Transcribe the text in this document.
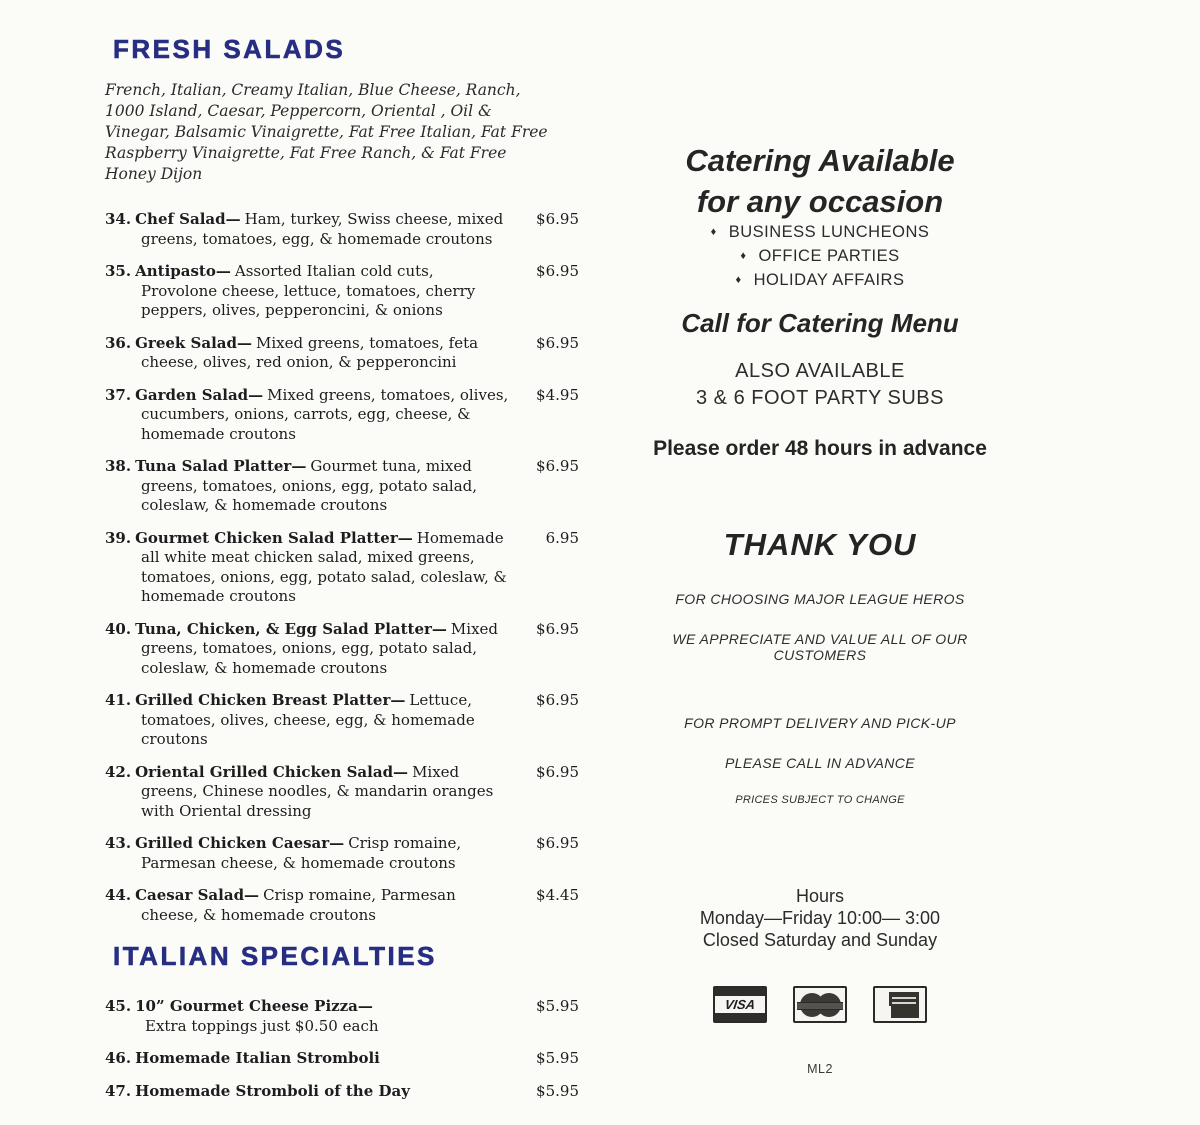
FRESH SALADS

French, Italian, Creamy Italian, Blue Cheese, Ranch, 1000 Island, Caesar, Peppercorn, Oriental , Oil & Vinegar, Balsamic Vinaigrette, Fat Free Italian, Fat Free Raspberry Vinaigrette, Fat Free Ranch, & Fat Free Honey Dijon

34. Chef Salad— Ham, turkey, Swiss cheese, mixed greens, tomatoes, egg, & homemade croutons

$6.95

35. Antipasto— Assorted Italian cold cuts, Provolone cheese, lettuce, tomatoes, cherry peppers, olives, pepperoncini, & onions

$6.95

36. Greek Salad— Mixed greens, tomatoes, feta cheese, olives, red onion, & pepperoncini

$6.95

37. Garden Salad— Mixed greens, tomatoes, olives, cucumbers, onions, carrots, egg, cheese, & homemade croutons

$4.95

38. Tuna Salad Platter— Gourmet tuna, mixed greens, tomatoes, onions, egg, potato salad, coleslaw, & homemade croutons

$6.95

39. Gourmet Chicken Salad Platter— Homemade all white meat chicken salad, mixed greens, tomatoes, onions, egg, potato salad, coleslaw, & homemade croutons

6.95

40. Tuna, Chicken, & Egg Salad Platter— Mixed greens, tomatoes, onions, egg, potato salad, coleslaw, & homemade croutons

$6.95

41. Grilled Chicken Breast Platter— Lettuce, tomatoes, olives, cheese, egg, & homemade croutons

$6.95

42. Oriental Grilled Chicken Salad— Mixed greens, Chinese noodles, & mandarin oranges with Oriental dressing

$6.95

43. Grilled Chicken Caesar— Crisp romaine, Parmesan cheese, & homemade croutons

$6.95

44. Caesar Salad— Crisp romaine, Parmesan cheese, & homemade croutons

$4.45
ITALIAN SPECIALTIES

45. 10” Gourmet Cheese Pizza—

Extra toppings just $0.50 each
$5.95

46. Homemade Italian Stromboli	$5.95

47. Homemade Stromboli of the Day	$5.95

Catering Available
for any occasion

♦ BUSINESS LUNCHEONS
♦ OFFICE PARTIES
♦ HOLIDAY AFFAIRS

Call for Catering Menu

ALSO AVAILABLE
3 & 6 FOOT PARTY SUBS

Please order 48 hours in advance

THANK YOU

FOR CHOOSING MAJOR LEAGUE HEROS

WE APPRECIATE AND VALUE ALL OF OUR CUSTOMERS

FOR PROMPT DELIVERY AND PICK-UP

PLEASE CALL IN ADVANCE

PRICES SUBJECT TO CHANGE

Hours
Monday—Friday 10:00— 3:00
Closed Saturday and Sunday

VISA

ML2
